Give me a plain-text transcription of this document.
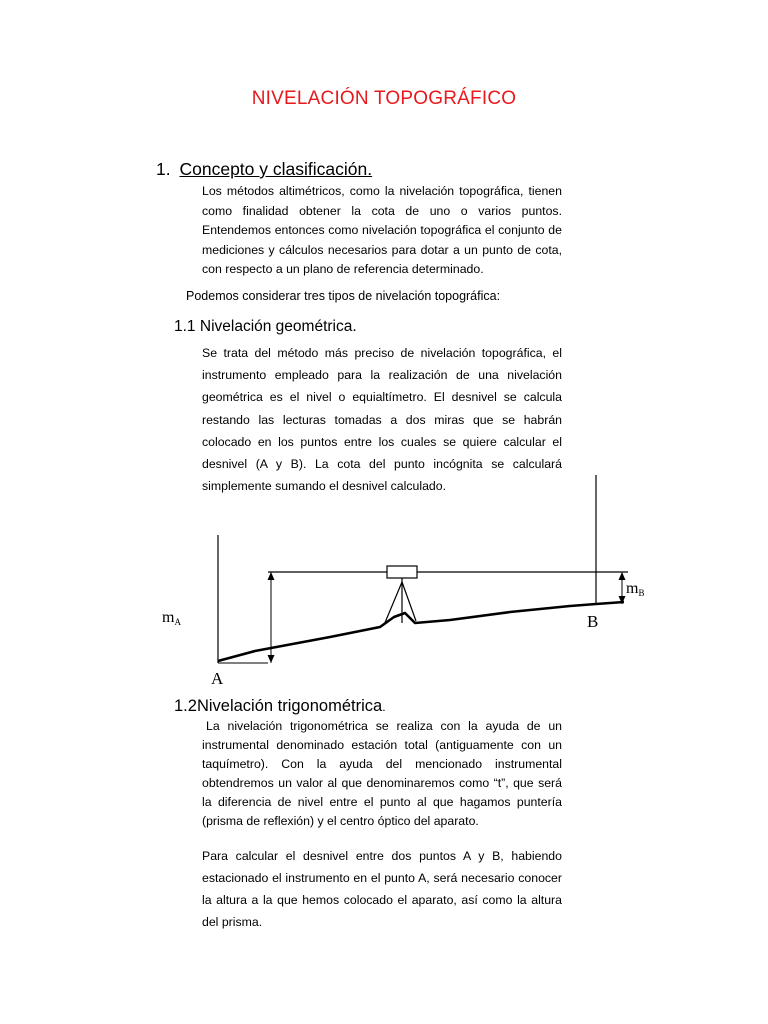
NIVELACIÓN TOPOGRÁFICO
1. Concepto y clasificación.
Los métodos altimétricos, como la nivelación topográfica, tienen como finalidad obtener la cota de uno o varios puntos. Entendemos entonces como nivelación topográfica el conjunto de mediciones y cálculos necesarios para dotar a un punto de cota, con respecto a un plano de referencia determinado.
Podemos considerar tres tipos de nivelación topográfica:
1.1 Nivelación geométrica.
Se trata del método más preciso de nivelación topográfica, el instrumento empleado para la realización de una nivelación geométrica es el nivel o equialtímetro. El desnivel se calcula restando las lecturas tomadas a dos miras que se habrán colocado en los puntos entre los cuales se quiere calcular el desnivel (A y B). La cota del punto incógnita se calculará simplemente sumando el desnivel calculado.
mA
mB
A
B
1.2Nivelación trigonométrica.
La nivelación trigonométrica se realiza con la ayuda de un instrumental denominado estación total (antiguamente con un taquímetro). Con la ayuda del mencionado instrumental obtendremos un valor al que denominaremos como “t”, que será la diferencia de nivel entre el punto al que hagamos puntería (prisma de reflexión) y el centro óptico del aparato.
Para calcular el desnivel entre dos puntos A y B, habiendo estacionado el instrumento en el punto A, será necesario conocer la altura a la que hemos colocado el aparato, así como la altura del prisma.
